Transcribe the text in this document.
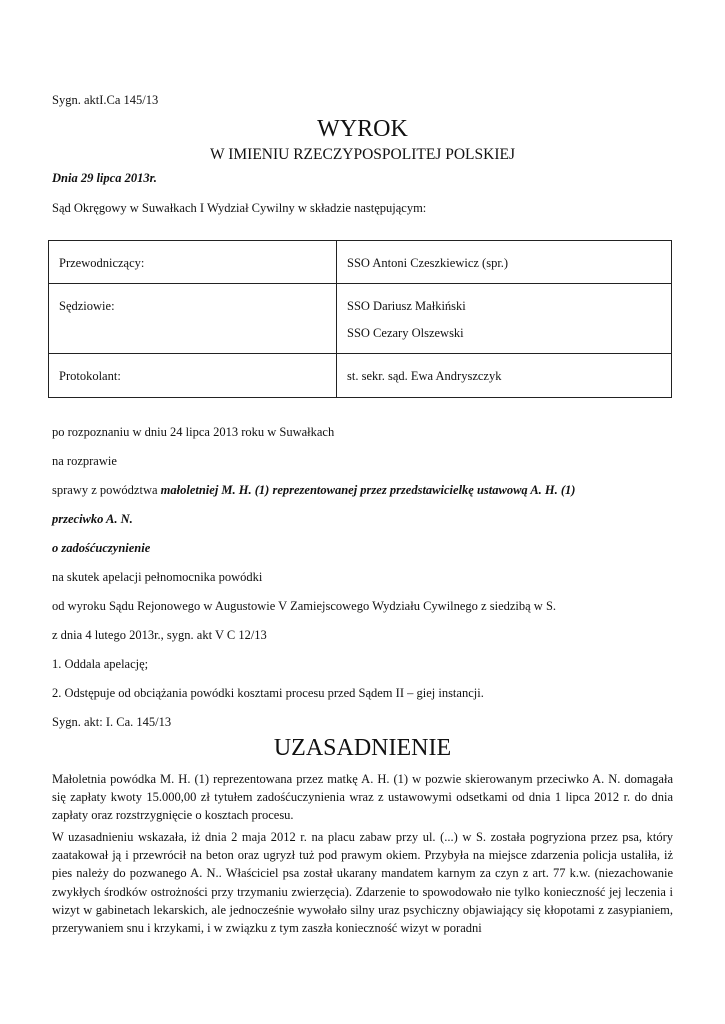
Sygn. aktI.Ca 145/13
WYROK
W IMIENIU RZECZYPOSPOLITEJ POLSKIEJ
Dnia 29 lipca 2013r.
Sąd Okręgowy w Suwałkach I Wydział Cywilny w składzie następującym:
Przewodniczący:	SSO Antoni Czeszkiewicz (spr.)
Sędziowie:	SSO Dariusz Małkiński
SSO Cezary Olszewski

Protokolant:	st. sekr. sąd. Ewa Andryszczyk
po rozpoznaniu w dniu 24 lipca 2013 roku w Suwałkach
na rozprawie
sprawy z powództwa małoletniej M. H. (1) reprezentowanej przez przedstawicielkę ustawową A. H. (1)
przeciwko A. N.
o zadośćuczynienie
na skutek apelacji pełnomocnika powódki
od wyroku Sądu Rejonowego w Augustowie V Zamiejscowego Wydziału Cywilnego z siedzibą w S.
z dnia 4 lutego 2013r., sygn. akt V C 12/13
1. Oddala apelację;
2. Odstępuje od obciążania powódki kosztami procesu przed Sądem II – giej instancji.
Sygn. akt: I. Ca. 145/13
UZASADNIENIE
Małoletnia powódka M. H. (1) reprezentowana przez matkę A. H. (1) w pozwie skierowanym przeciwko A. N. domagała się zapłaty kwoty 15.000,00 zł tytułem zadośćuczynienia wraz z ustawowymi odsetkami od dnia 1 lipca 2012 r. do dnia zapłaty oraz rozstrzygnięcie o kosztach procesu.
W uzasadnieniu wskazała, iż dnia 2 maja 2012 r. na placu zabaw przy ul. (...) w S. została pogryziona przez psa, który zaatakował ją i przewrócił na beton oraz ugryzł tuż pod prawym okiem. Przybyła na miejsce zdarzenia policja ustaliła, iż pies należy do pozwanego A. N.. Właściciel psa został ukarany mandatem karnym za czyn z art. 77 k.w. (niezachowanie zwykłych środków ostrożności przy trzymaniu zwierzęcia). Zdarzenie to spowodowało nie tylko konieczność jej leczenia i wizyt w gabinetach lekarskich, ale jednocześnie wywołało silny uraz psychiczny objawiający się kłopotami z zasypianiem, przerywaniem snu i krzykami, i w związku z tym zaszła konieczność wizyt w poradni
